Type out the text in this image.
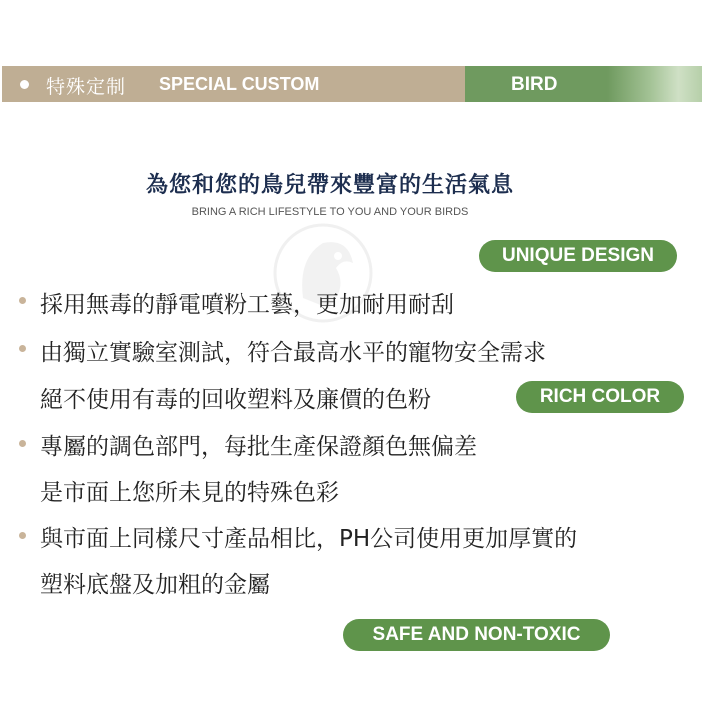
特殊定制 SPECIAL CUSTOM	BIRD
為您和您的鳥兒帶來豐富的生活氣息
BRING A RICH LIFESTYLE TO YOU AND YOUR BIRDS
UNIQUE DESIGN
採用無毒的靜電噴粉工藝，更加耐用耐刮
由獨立實驗室測試，符合最高水平的寵物安全需求
絕不使用有毒的回收塑料及廉價的色粉	RICH COLOR
專屬的調色部門，每批生產保證顏色無偏差
是市面上您所未見的特殊色彩
與市面上同樣尺寸產品相比，PH公司使用更加厚實的
塑料底盤及加粗的金屬
SAFE AND NON-TOXIC
